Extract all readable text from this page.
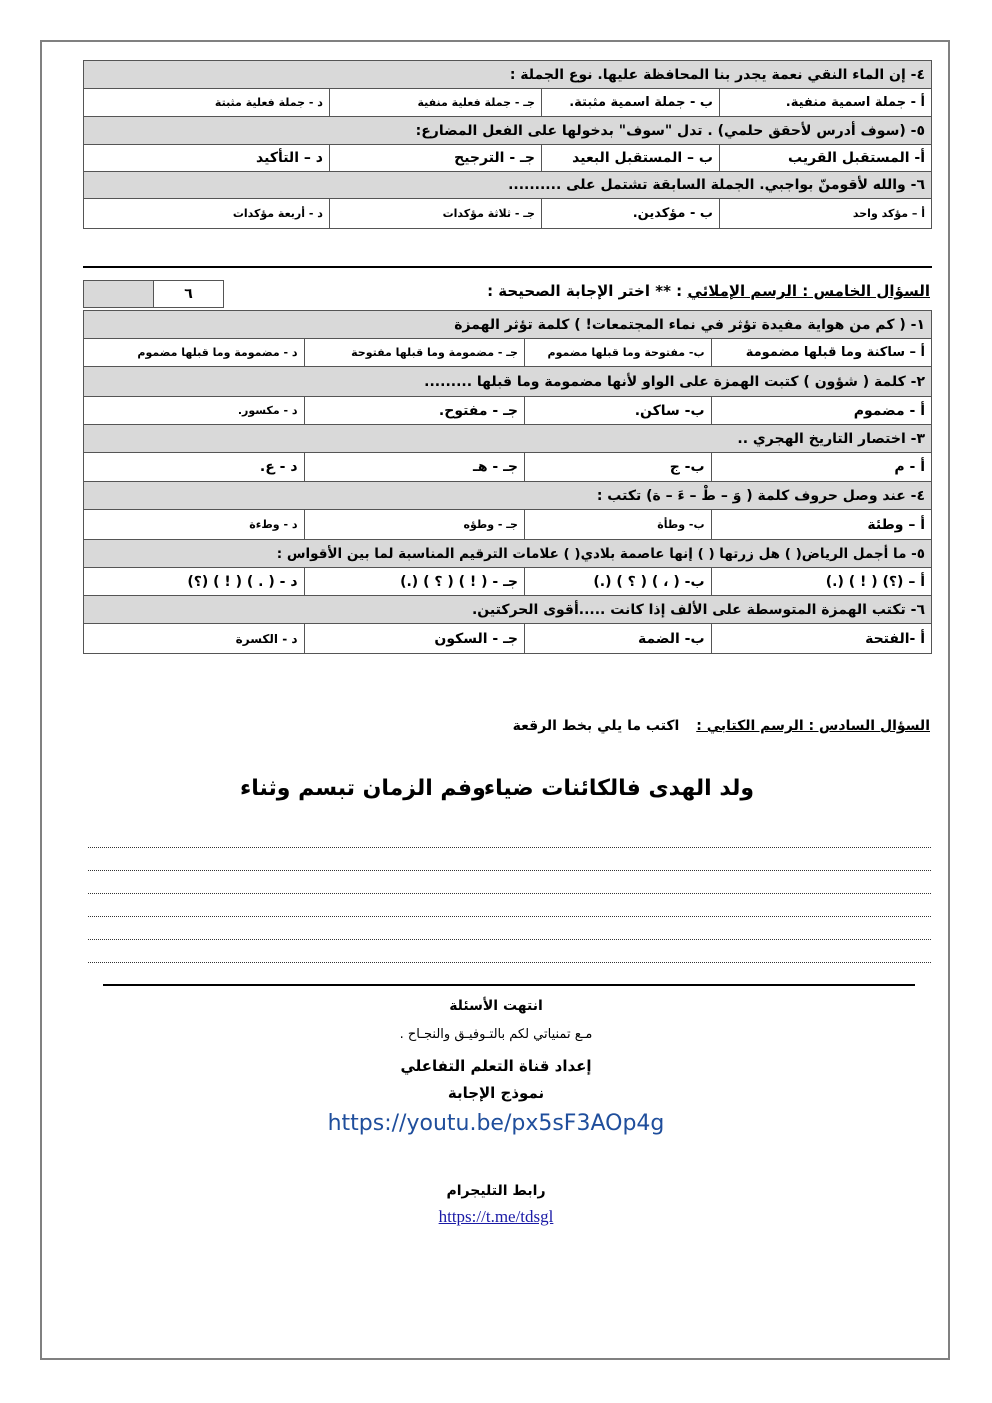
٤- إن الماء النقي نعمة يجدر بنا المحافظة عليها. نوع الجملة :			
أ - جملة اسمية منفية.	ب - جملة اسمية مثبتة.	جـ - جملة فعلية منفية	د - جملة فعلية مثبتة
٥- (سوف أدرس لأحقق حلمي) . تدل "سوف" بدخولها على الفعل المضارع:			
أ- المستقبل القريب	ب – المستقبل البعيد	جـ - الترجيح	د – التأكيد
٦- والله لأقومنّ بواجبي. الجملة السابقة تشتمل على ..........			
أ – مؤكد واحد	ب - مؤكدين.	جـ - ثلاثة مؤكدات	د - أربعة مؤكدات
السؤال الخامس : الرسم الإملائي : ** اختر الإجابة الصحيحة :
٦
١- ( كم من هواية مفيدة تؤثر في نماء المجتمعات! ) كلمة تؤثر الهمزة			
أ – ساكنة وما قبلها مضمومة	ب- مفتوحة وما قبلها مضموم	جـ - مضمومة وما قبلها مفتوحة	د - مضمومة وما قبلها مضموم
٢- كلمة ( شؤون ) كتبت الهمزة على الواو لأنها مضمومة وما قبلها .........			
أ - مضموم	ب- ساكن.	جـ - مفتوح.	د - مكسور.
٣- اختصار التاريخ الهجري ..			
أ - م	ب- ج	جـ - هـ	د - ع.
٤- عند وصل حروف كلمة ( وَ – طْ – ءَ – ة) تكتب :			
أ – وطئة	ب- وطأة	جـ - وطؤه	د - وطءة
٥- ما أجمل الرياض( ) هل زرتها ( ) إنها عاصمة بلادي( ) علامات الترقيم المناسبة لما بين الأقواس :			
أ – (؟) ( ! ) (.)	ب- ( ، ) ( ؟ ) (.)	جـ - ( ! ) ( ؟ ) (.)	د - ( . ) ( ! ) (؟)
٦- تكتب الهمزة المتوسطة على الألف إذا كانت .....أقوى الحركتين.			
أ -الفتحة	ب- الضمة	جـ - السكون	د - الكسرة
السؤال السادس : الرسم الكتابي : اكتب ما يلي بخط الرقعة
ولد الهدى فالكائنات ضياء
وفم الزمان تبسم وثناء
انتهت الأسئلة
مـع تمنياتي لكم بالتـوفيـق والنجـاح .
إعداد قناة التعلم التفاعلي
نموذج الإجابة
https://youtu.be/px5sF3AOp4g
رابط التليجرام
https://t.me/tdsgl
